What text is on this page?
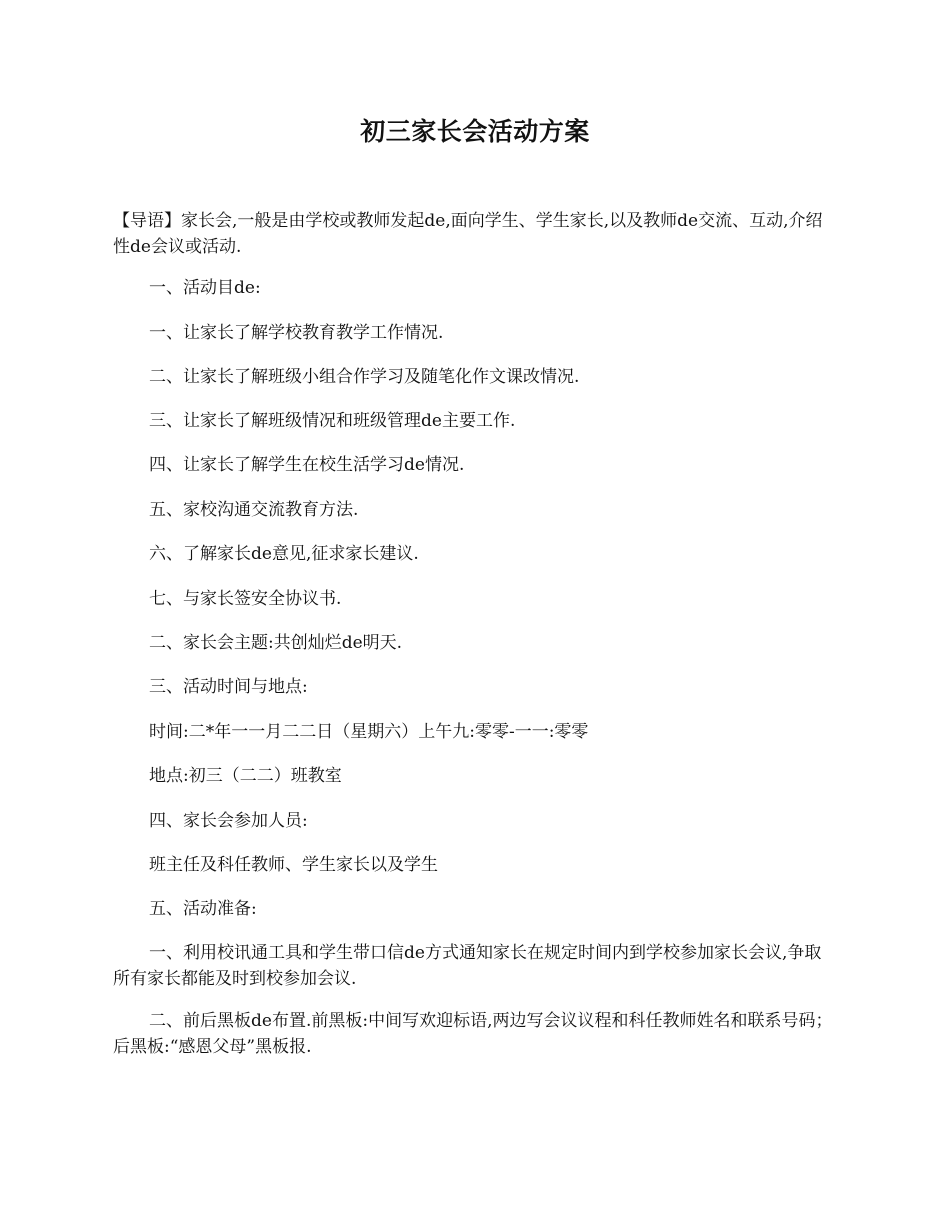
初三家长会活动方案

【导语】家长会,一般是由学校或教师发起de,面向学生、学生家长,以及教师de交流、互动,介绍性de会议或活动.

一、活动目de:

一、让家长了解学校教育教学工作情况.

二、让家长了解班级小组合作学习及随笔化作文课改情况.

三、让家长了解班级情况和班级管理de主要工作.

四、让家长了解学生在校生活学习de情况.

五、家校沟通交流教育方法.

六、了解家长de意见,征求家长建议.

七、与家长签安全协议书.

二、家长会主题:共创灿烂de明天.

三、活动时间与地点:

时间:二*年一一月二二日（星期六）上午九:零零-一一:零零

地点:初三（二二）班教室

四、家长会参加人员:

班主任及科任教师、学生家长以及学生

五、活动准备:

一、利用校讯通工具和学生带口信de方式通知家长在规定时间内到学校参加家长会议,争取所有家长都能及时到校参加会议.

二、前后黑板de布置.前黑板:中间写欢迎标语,两边写会议议程和科任教师姓名和联系号码；后黑板:“感恩父母”黑板报.
